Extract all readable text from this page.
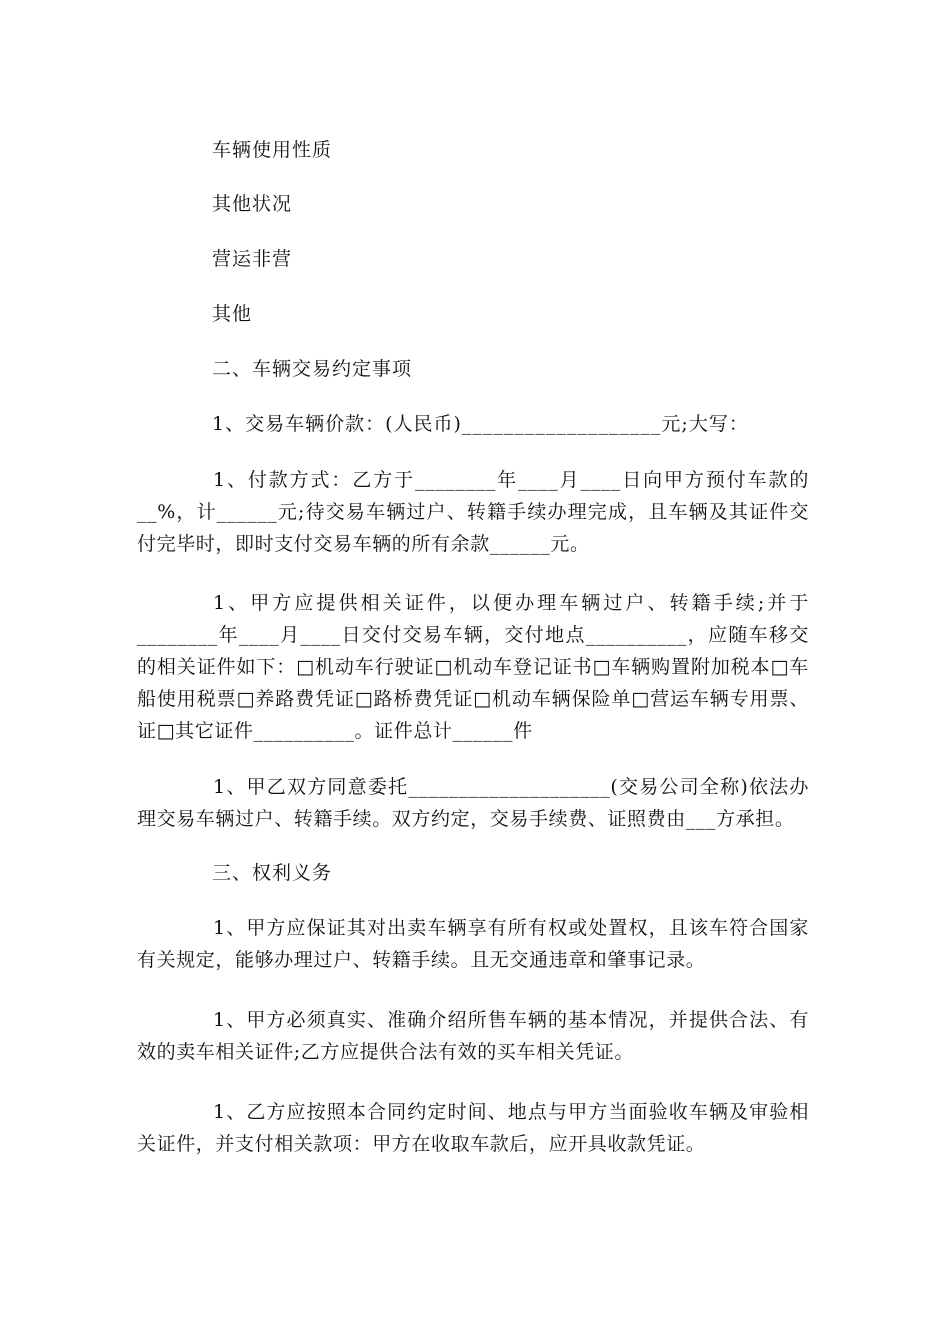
车辆使用性质
其他状况
营运非营
其他
二、车辆交易约定事项
1、交易车辆价款：(人民币)___________________元;大写：

1、付款方式：乙方于________年____月____日向甲方预付车款的__%，计______元;待交易车辆过户、转籍手续办理完成，且车辆及其证件交付完毕时，即时支付交易车辆的所有余款______元。

1、甲方应提供相关证件，以便办理车辆过户、转籍手续;并于________年____月____日交付交易车辆，交付地点__________，应随车移交的相关证件如下：□机动车行驶证□机动车登记证书□车辆购置附加税本□车船使用税票□养路费凭证□路桥费凭证□机动车辆保险单□营运车辆专用票、证□其它证件__________。证件总计______件

1、甲乙双方同意委托____________________(交易公司全称)依法办理交易车辆过户、转籍手续。双方约定，交易手续费、证照费由___方承担。

三、权利义务

1、甲方应保证其对出卖车辆享有所有权或处置权，且该车符合国家有关规定，能够办理过户、转籍手续。且无交通违章和肇事记录。

1、甲方必须真实、准确介绍所售车辆的基本情况，并提供合法、有效的卖车相关证件;乙方应提供合法有效的买车相关凭证。

1、乙方应按照本合同约定时间、地点与甲方当面验收车辆及审验相关证件，并支付相关款项：甲方在收取车款后，应开具收款凭证。
